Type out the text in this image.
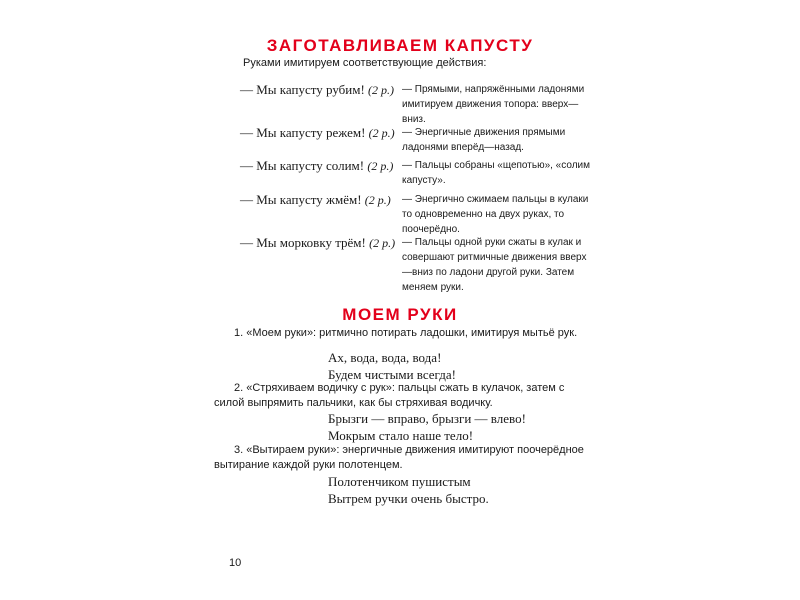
ЗАГОТАВЛИВАЕМ КАПУСТУ

Руками имитируем соответствующие действия:

— Мы капусту рубим! (2 р.) — Прямыми, напряжёнными ладонями имитируем движения топора: вверх—вниз.
— Мы капусту режем! (2 р.) — Энергичные движения прямыми ладонями вперёд—назад.
— Мы капусту солим! (2 р.) — Пальцы собраны «щепотью», «солим капусту».
— Мы капусту жмём! (2 р.) — Энергично сжимаем пальцы в кулаки то одновременно на двух руках, то поочерёдно.
— Мы морковку трём! (2 р.) — Пальцы одной руки сжаты в кулак и совершают ритмичные движения вверх—вниз по ладони другой руки. Затем меняем руки.
МОЕМ РУКИ

1. «Моем руки»: ритмично потирать ладошки, имитируя мытьё рук.

Ах, вода, вода, вода!
Будем чистыми всегда!

2. «Стряхиваем водичку с рук»: пальцы сжать в кулачок, затем с силой выпрямить пальчики, как бы стряхивая водичку.

Брызги — вправо, брызги — влево!
Мокрым стало наше тело!

3. «Вытираем руки»: энергичные движения имитируют поочерёдное вытирание каждой руки полотенцем.

Полотенчиком пушистым
Вытрем ручки очень быстро.
10
